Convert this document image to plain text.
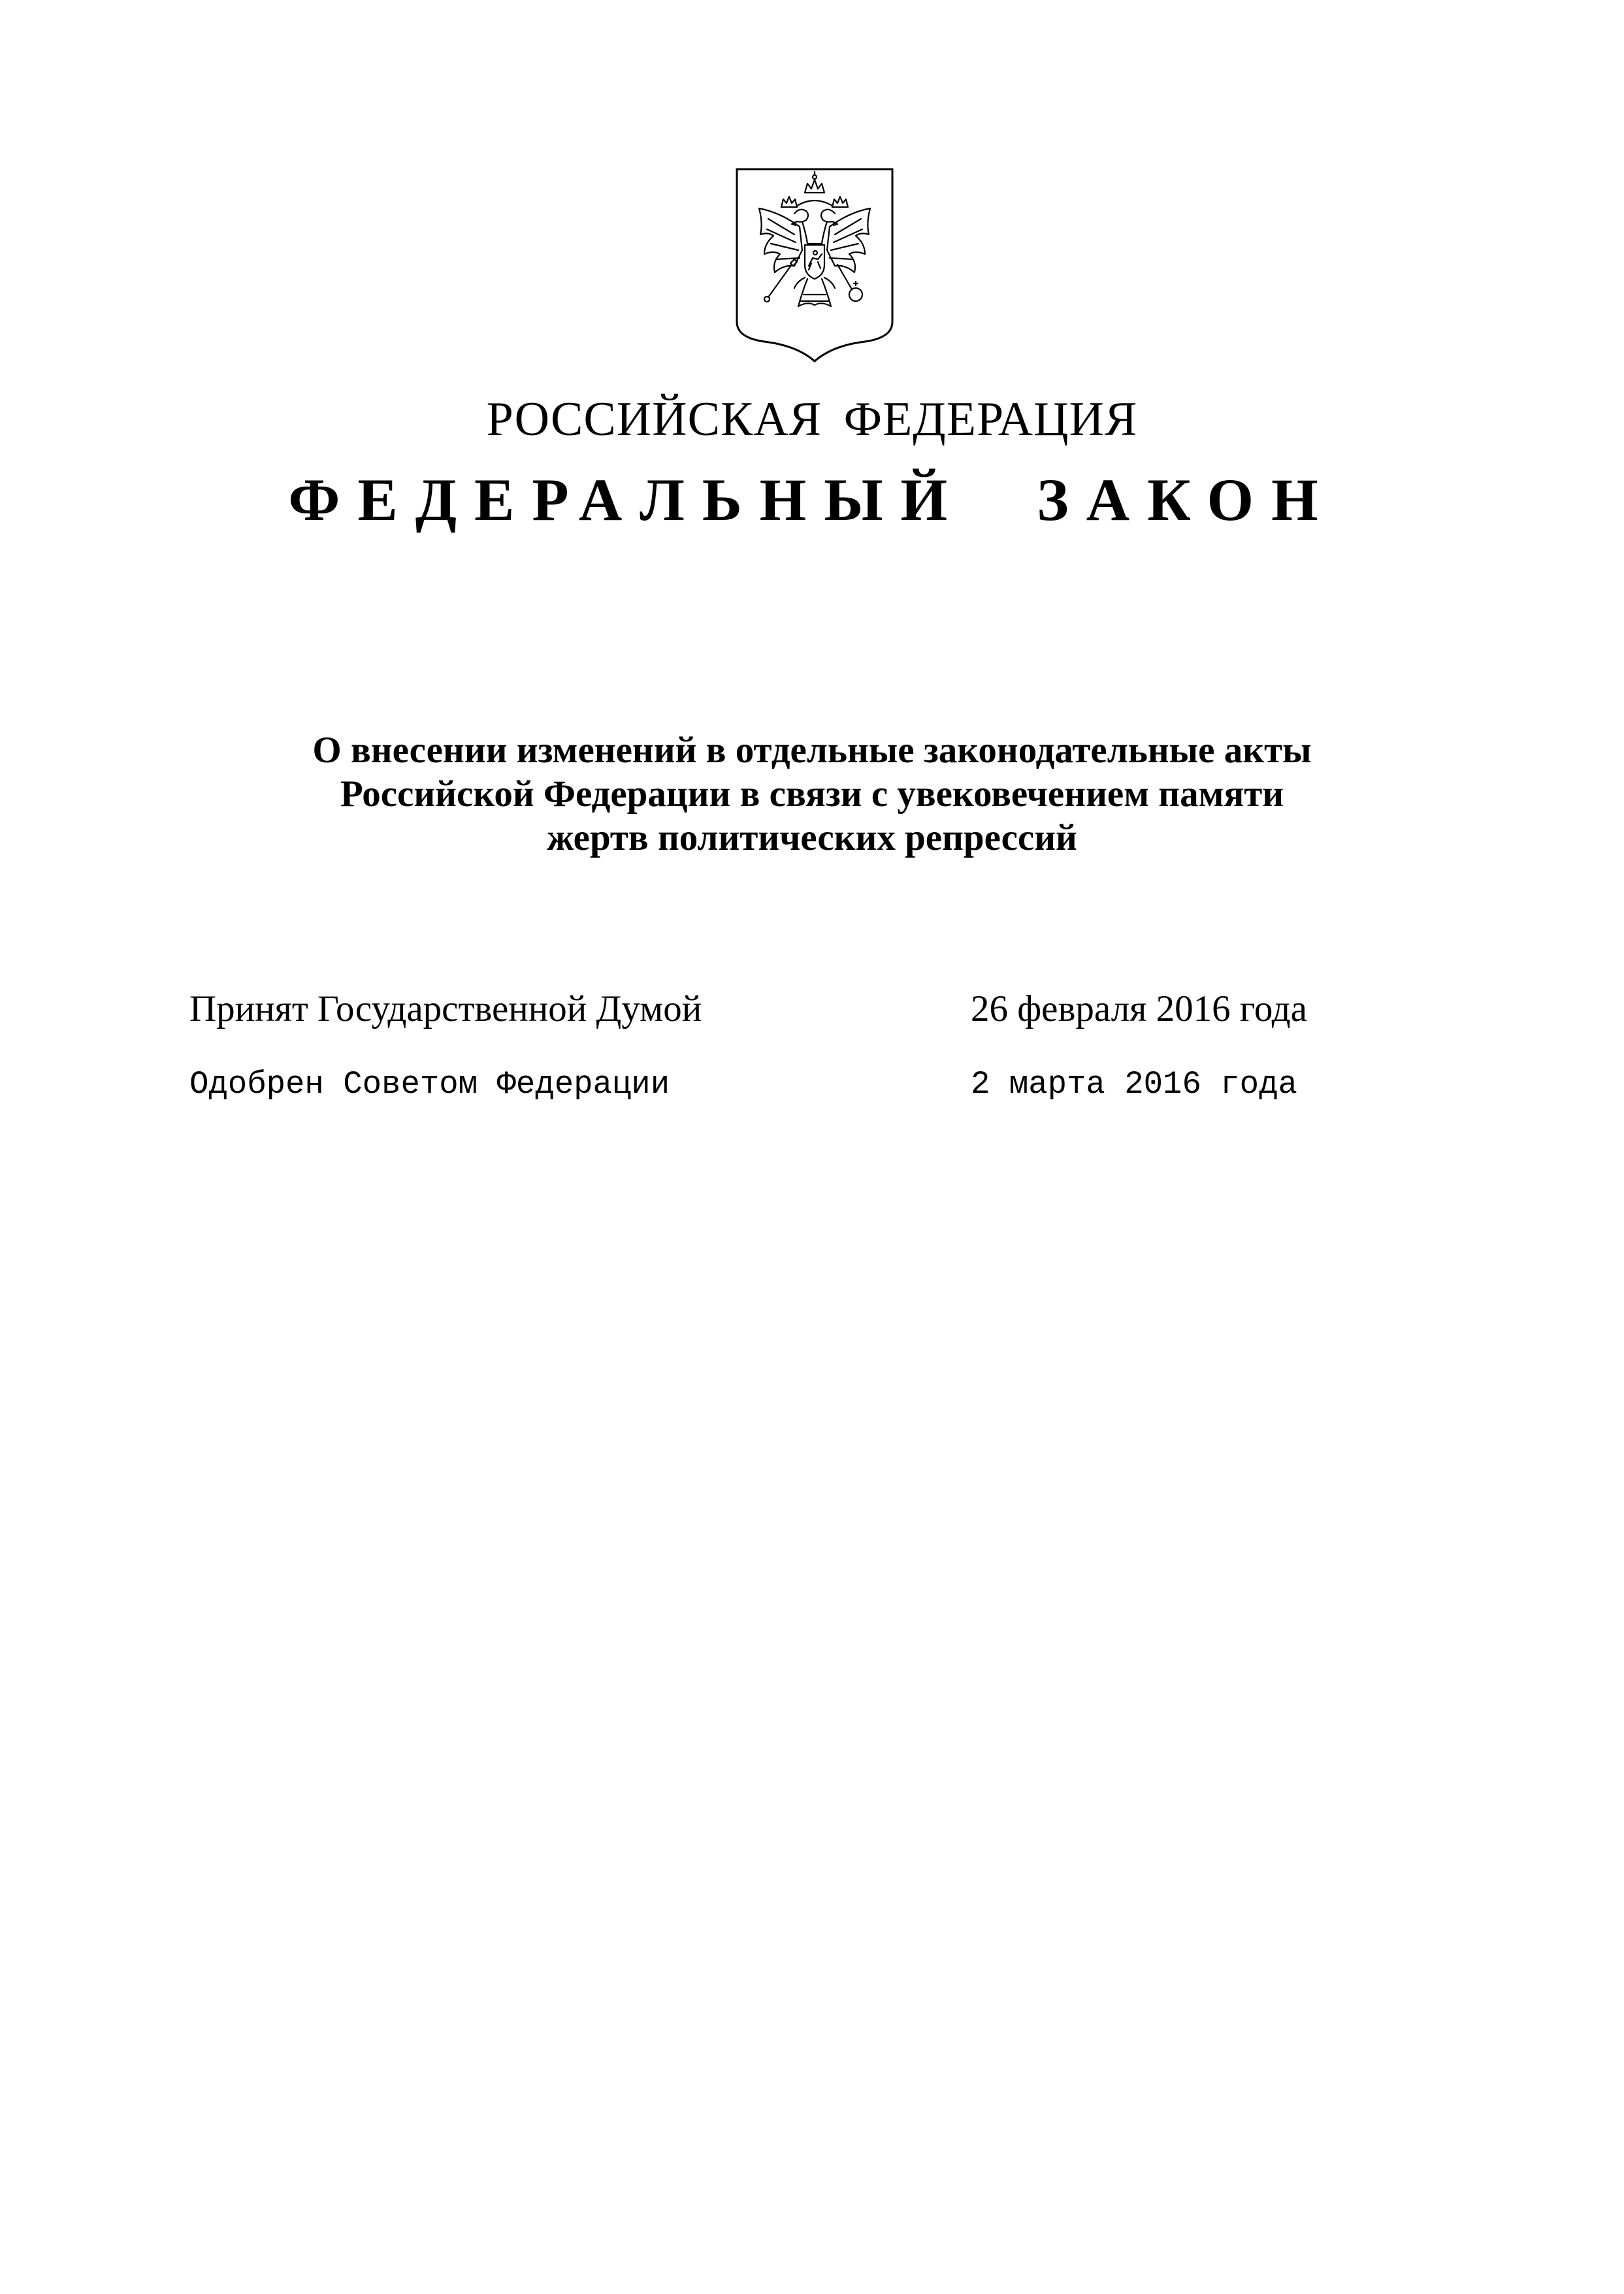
РОССИЙСКАЯ ФЕДЕРАЦИЯ
ФЕДЕРАЛЬНЫЙ ЗАКОН
О внесении изменений в отдельные законодательные акты
Российской Федерации в связи с увековечением памяти
жертв политических репрессий
Принят Государственной Думой	26 февраля 2016 года
Одобрен Советом Федерации	2 марта 2016 года
